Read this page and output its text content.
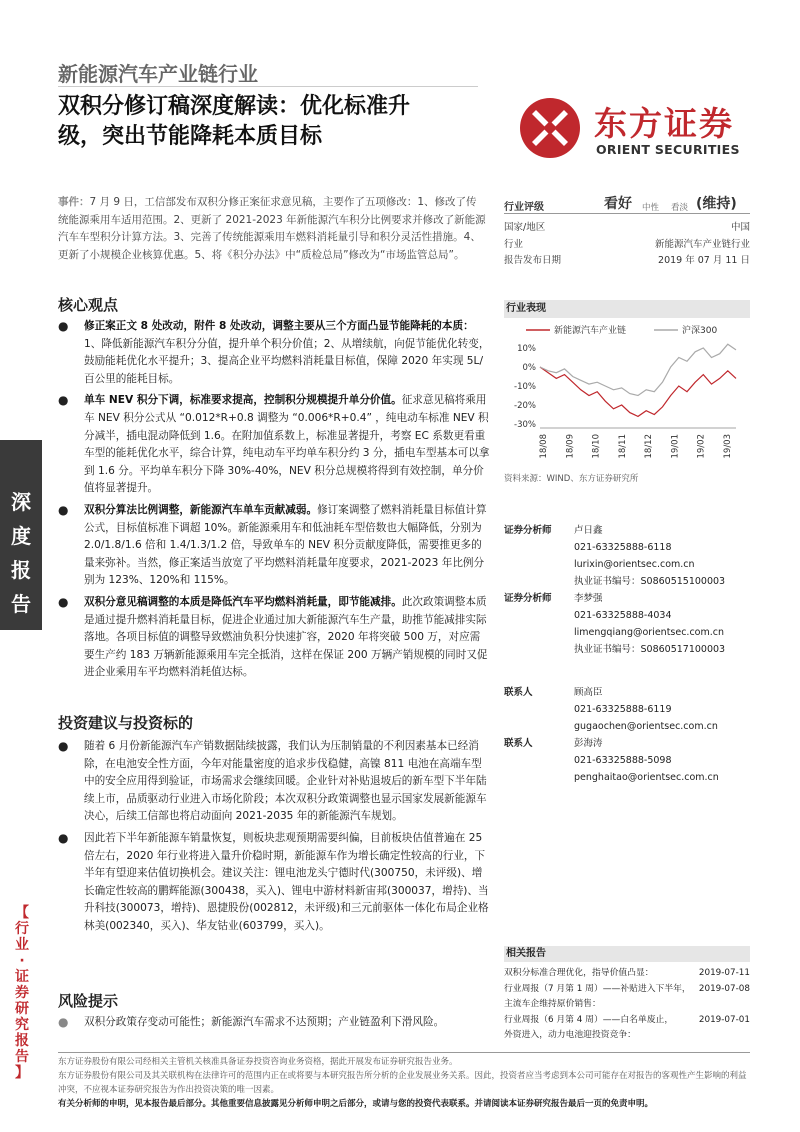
新能源汽车产业链行业
双积分修订稿深度解读：优化标准升
级，突出节能降耗本质目标	东方证券
ORIENT SECURITIES
深
度
报
告
【
行
业
·
证
券
研
究
报
告
】
事件：7 月 9 日，工信部发布双积分修正案征求意见稿，主要作了五项修改：1、修改了传统能源乘用车适用范围。2、更新了 2021-2023 年新能源汽车积分比例要求并修改了新能源汽车车型积分计算方法。3、完善了传统能源乘用车燃料消耗量引导和积分灵活性措施。4、更新了小规模企业核算优惠。5、将《积分办法》中“质检总局”修改为“市场监管总局”。
核心观点
● 修正案正文 8 处改动，附件 8 处改动，调整主要从三个方面凸显节能降耗的本质：1、降低新能源汽车积分分值，提升单个积分价值；2、从增续航，向促节能优化转变，鼓励能耗优化水平提升；3、提高企业平均燃料消耗量目标值，保障 2020 年实现 5L/百公里的能耗目标。
● 单车 NEV 积分下调，标准要求提高，控制积分规模提升单分价值。征求意见稿将乘用车 NEV 积分公式从 “0.012*R+0.8 调整为 “0.006*R+0.4” ，纯电动车标准 NEV 积分减半，插电混动降低到 1.6。在附加值系数上，标准显著提升，考察 EC 系数更看重车型的能耗优化水平，综合计算，纯电动车平均单车积分约 3 分，插电车型基本可以拿到 1.6 分。平均单车积分下降 30%-40%，NEV 积分总规模将得到有效控制，单分价值将显著提升。
● 双积分算法比例调整，新能源汽车单车贡献减弱。修订案调整了燃料消耗量目标值计算公式，目标值标准下调超 10%。新能源乘用车和低油耗车型倍数也大幅降低，分别为 2.0/1.8/1.6 倍和 1.4/1.3/1.2 倍，导致单车的 NEV 积分贡献度降低，需要推更多的量来弥补。当然，修正案适当放宽了平均燃料消耗量年度要求，2021-2023 年比例分别为 123%、120%和 115%。
● 双积分意见稿调整的本质是降低汽车平均燃料消耗量，即节能减排。此次政策调整本质是通过提升燃料消耗量目标，促进企业通过加大新能源汽车生产量，助推节能减排实际落地。各项目标值的调整导致燃油负积分快速扩容，2020 年将突破 500 万，对应需要生产约 183 万辆新能源乘用车完全抵消，这样在保证 200 万辆产销规模的同时又促进企业乘用车平均燃料消耗值达标。
投资建议与投资标的
● 随着 6 月份新能源汽车产销数据陆续披露，我们认为压制销量的不利因素基本已经消除，在电池安全性方面，今年对能量密度的追求步伐稳健，高镍 811 电池在高端车型中的安全应用得到验证，市场需求会继续回暖。企业针对补贴退坡后的新车型下半年陆续上市，品质驱动行业进入市场化阶段；本次双积分政策调整也显示国家发展新能源车决心，后续工信部也将启动面向 2021-2035 年的新能源汽车规划。
● 因此若下半年新能源车销量恢复，则板块悲观预期需要纠偏，目前板块估值普遍在 25 倍左右，2020 年行业将进入量升价稳时期，新能源车作为增长确定性较高的行业，下半年有望迎来估值切换机会。建议关注：锂电池龙头宁德时代(300750，未评级)、增长确定性较高的鹏辉能源(300438，买入)、锂电中游材料新宙邦(300037，增持)、当升科技(300073，增持)、恩捷股份(002812，未评级)和三元前驱体一体化布局企业格林美(002340，买入)、华友钴业(603799，买入)。
风险提示
● 双积分政策存变动可能性；新能源汽车需求不达预期；产业链盈利下滑风险。
行业评级	看好 中性 看淡 (维持)
国家/地区	中国
行业	新能源汽车产业链行业
报告发布日期	2019 年 07 月 11 日
行业表现
新能源汽车产业链	沪深300
10%
0%
-10%
-20%
-30%
18/08 18/09 18/10 18/11 18/12 19/01 19/02 19/03
资料来源：WIND、东方证券研究所
证券分析师	卢日鑫
021-63325888-6118
lurixin@orientsec.com.cn
执业证书编号：S0860515100003
证券分析师	李梦强
021-63325888-4034
limengqiang@orientsec.com.cn
执业证书编号：S0860517100003
联系人	顾高臣
021-63325888-6119
gugaochen@orientsec.com.cn
联系人	彭海涛
021-63325888-5098
penghaitao@orientsec.com.cn
相关报告
双积分标准合理优化，指导价值凸显：	2019-07-11
行业周报（7 月第 1 周）——补贴进入下半年， 2019-07-08
主流车企维持原价销售：
行业周报（6 月第 4 周）——白名单废止，	2019-07-01
外资进入，动力电池迎投资竞争：
东方证券股份有限公司经相关主管机关核准具备证券投资咨询业务资格，据此开展发布证券研究报告业务。
东方证券股份有限公司及其关联机构在法律许可的范围内正在或将要与本研究报告所分析的企业发展业务关系。因此，投资者应当考虑到本公司可能存在对报告的客观性产生影响的利益冲突，不应视本证券研究报告为作出投资决策的唯一因素。
有关分析师的申明，见本报告最后部分。其他重要信息披露见分析师申明之后部分，或请与您的投资代表联系。并请阅读本证券研究报告最后一页的免责申明。
